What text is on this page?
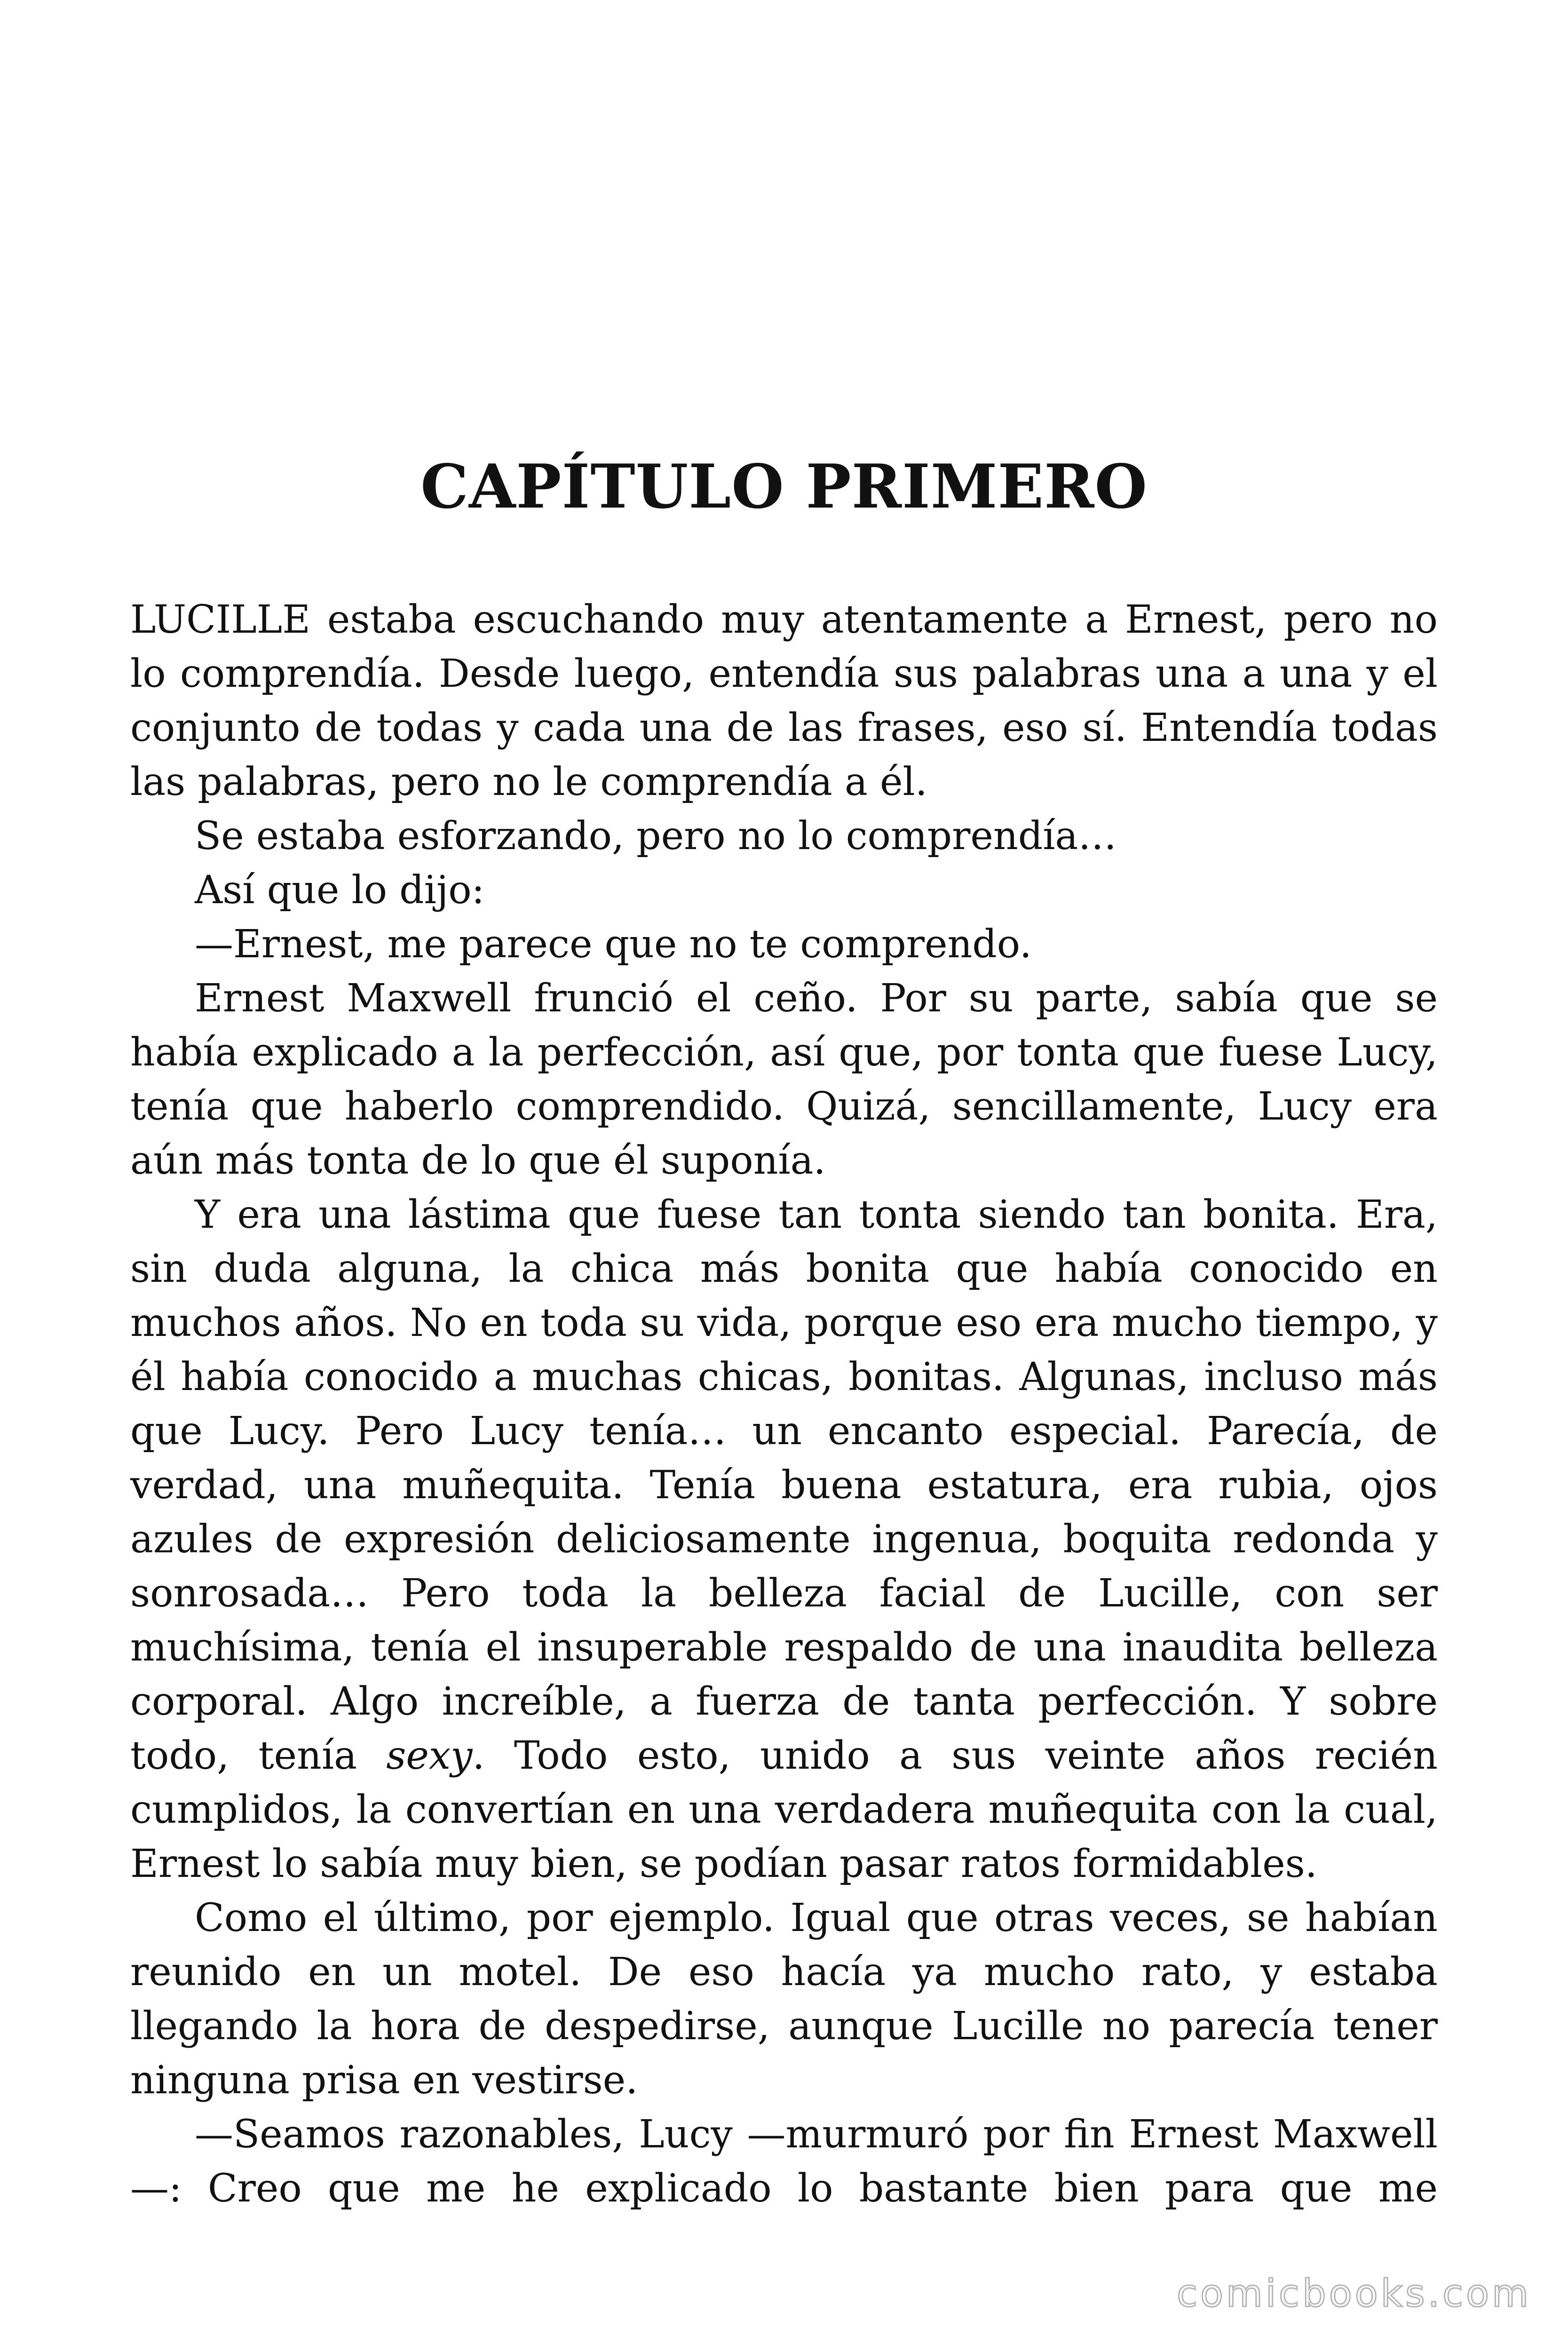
CAPÍTULO PRIMERO

LUCILLE estaba escuchando muy atentamente a Ernest, pero no lo comprendía. Desde luego, entendía sus palabras una a una y el conjunto de todas y cada una de las frases, eso sí. Entendía todas las palabras, pero no le comprendía a él.

Se estaba esforzando, pero no lo comprendía…

Así que lo dijo:

—Ernest, me parece que no te comprendo.

Ernest Maxwell frunció el ceño. Por su parte, sabía que se había explicado a la perfección, así que, por tonta que fuese Lucy, tenía que haberlo comprendido. Quizá, sencillamente, Lucy era aún más tonta de lo que él suponía.

Y era una lástima que fuese tan tonta siendo tan bonita. Era, sin duda alguna, la chica más bonita que había conocido en muchos años. No en toda su vida, porque eso era mucho tiempo, y él había conocido a muchas chicas, bonitas. Algunas, incluso más que Lucy. Pero Lucy tenía… un encanto especial. Parecía, de verdad, una muñequita. Tenía buena estatura, era rubia, ojos azules de expresión deliciosamente ingenua, boquita redonda y sonrosada… Pero toda la belleza facial de Lucille, con ser muchísima, tenía el insuperable respaldo de una inaudita belleza corporal. Algo increíble, a fuerza de tanta perfección. Y sobre todo, tenía sexy. Todo esto, unido a sus veinte años recién cumplidos, la convertían en una verdadera muñequita con la cual, Ernest lo sabía muy bien, se podían pasar ratos formidables.

Como el último, por ejemplo. Igual que otras veces, se habían reunido en un motel. De eso hacía ya mucho rato, y estaba llegando la hora de despedirse, aunque Lucille no parecía tener ninguna prisa en vestirse.

—Seamos razonables, Lucy —murmuró por fin Ernest Maxwell —: Creo que me he explicado lo bastante bien para que me

comicbooks.com
